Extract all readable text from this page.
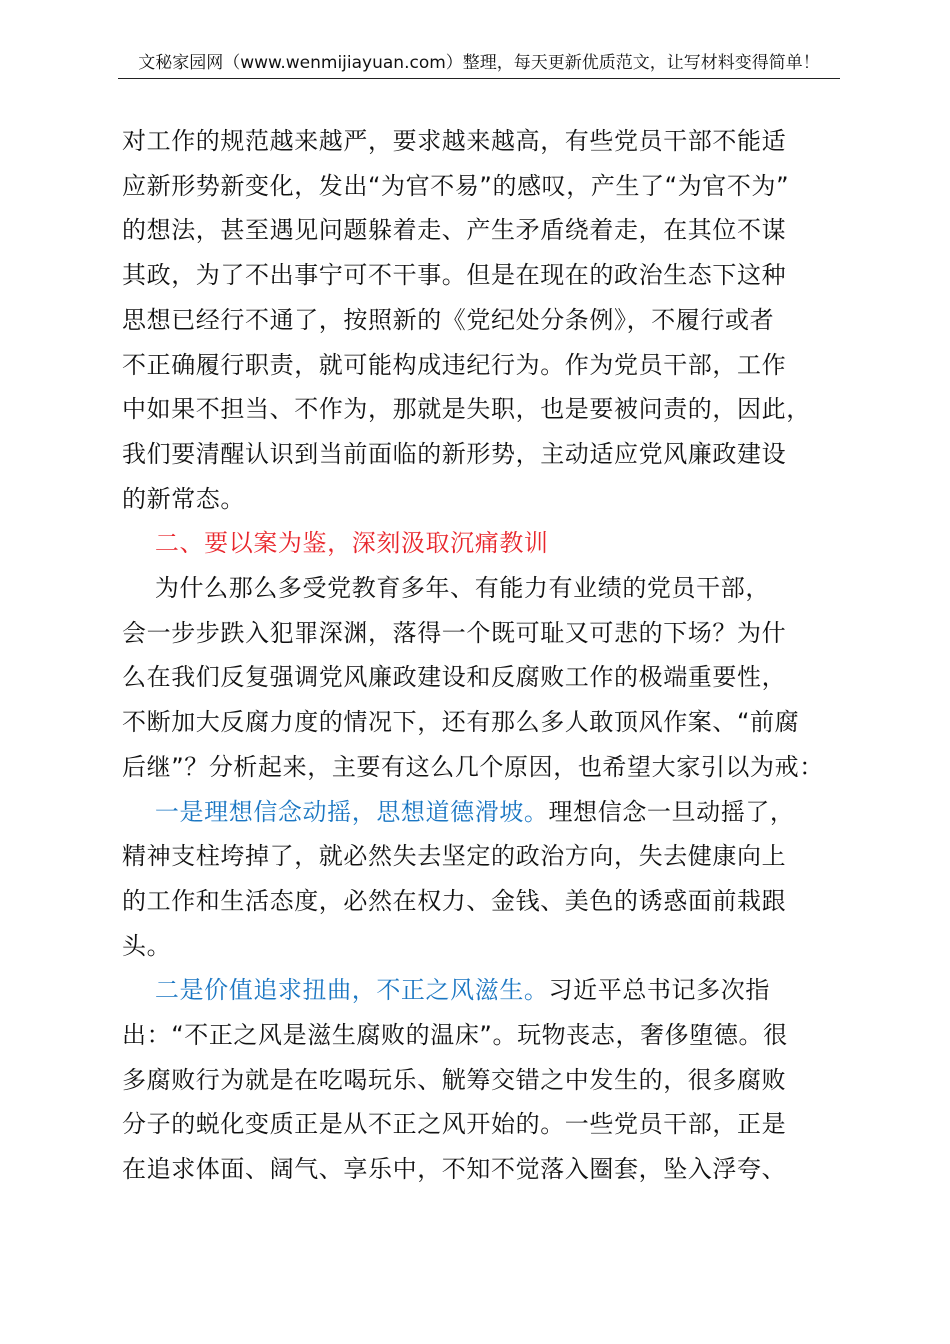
文秘家园网（www.wenmijiayuan.com）整理，每天更新优质范文，让写材料变得简单！

对工作的规范越来越严，要求越来越高，有些党员干部不能适
应新形势新变化，发出“为官不易”的感叹，产生了“为官不为”
的想法，甚至遇见问题躲着走、产生矛盾绕着走，在其位不谋
其政，为了不出事宁可不干事。但是在现在的政治生态下这种
思想已经行不通了，按照新的《党纪处分条例》，不履行或者
不正确履行职责，就可能构成违纪行为。作为党员干部，工作
中如果不担当、不作为，那就是失职，也是要被问责的，因此，
我们要清醒认识到当前面临的新形势，主动适应党风廉政建设
的新常态。

二、要以案为鉴，深刻汲取沉痛教训

为什么那么多受党教育多年、有能力有业绩的党员干部，
会一步步跌入犯罪深渊，落得一个既可耻又可悲的下场？为什
么在我们反复强调党风廉政建设和反腐败工作的极端重要性，
不断加大反腐力度的情况下，还有那么多人敢顶风作案、“前腐
后继”？分析起来，主要有这么几个原因，也希望大家引以为戒：

一是理想信念动摇，思想道德滑坡。理想信念一旦动摇了，
精神支柱垮掉了，就必然失去坚定的政治方向，失去健康向上
的工作和生活态度，必然在权力、金钱、美色的诱惑面前栽跟
头。

二是价值追求扭曲，不正之风滋生。习近平总书记多次指
出：“不正之风是滋生腐败的温床”。玩物丧志，奢侈堕德。很
多腐败行为就是在吃喝玩乐、觥筹交错之中发生的，很多腐败
分子的蜕化变质正是从不正之风开始的。一些党员干部，正是
在追求体面、阔气、享乐中，不知不觉落入圈套，坠入浮夸、
